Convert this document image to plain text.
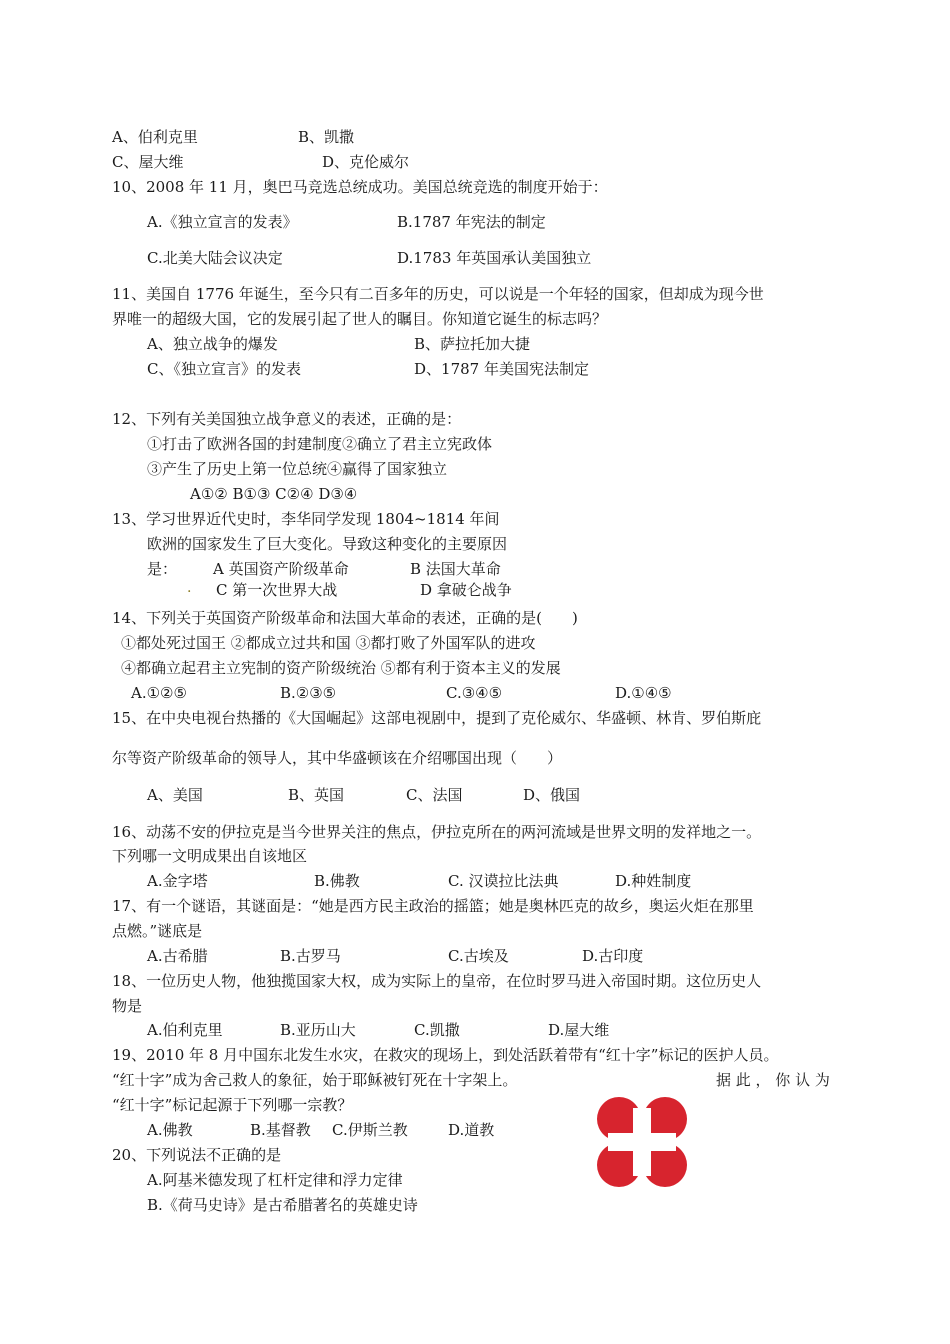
A、伯利克里	B、凯撒
C、屋大维	D、克伦威尔
10、2008 年 11 月，奥巴马竞选总统成功。美国总统竞选的制度开始于：
A.《独立宣言的发表》	B.1787 年宪法的制定
C.北美大陆会议决定	D.1783 年英国承认美国独立
11、美国自 1776 年诞生，至今只有二百多年的历史，可以说是一个年轻的国家，但却成为现今世
界唯一的超级大国，它的发展引起了世人的瞩目。你知道它诞生的标志吗？
A、独立战争的爆发	B、萨拉托加大捷
C、《独立宣言》的发表	D、1787 年美国宪法制定
12、下列有关美国独立战争意义的表述，正确的是：
①打击了欧洲各国的封建制度②确立了君主立宪政体
③产生了历史上第一位总统④赢得了国家独立
A①② B①③ C②④ D③④
13、学习世界近代史时，李华同学发现 1804~1814 年间
欧洲的国家发生了巨大变化。导致这种变化的主要原因
是： A 英国资产阶级革命	B 法国大革命
. C 第一次世界大战	D 拿破仑战争
14、下列关于英国资产阶级革命和法国大革命的表述，正确的是(　　)
①都处死过国王 ②都成立过共和国 ③都打败了外国军队的进攻
④都确立起君主立宪制的资产阶级统治 ⑤都有利于资本主义的发展
A.①②⑤	B.②③⑤	C.③④⑤	D.①④⑤
15、在中央电视台热播的《大国崛起》这部电视剧中，提到了克伦威尔、华盛顿、林肯、罗伯斯庇
尔等资产阶级革命的领导人，其中华盛顿该在介绍哪国出现（　　）
A、美国	B、英国	C、法国	D、俄国
16、动荡不安的伊拉克是当今世界关注的焦点，伊拉克所在的两河流域是世界文明的发祥地之一。
下列哪一文明成果出自该地区
A.金字塔	B.佛教	C. 汉谟拉比法典	D.种姓制度
17、有一个谜语，其谜面是：“她是西方民主政治的摇篮；她是奥林匹克的故乡，奥运火炬在那里
点燃。”谜底是
A.古希腊	B.古罗马	C.古埃及	D.古印度
18、一位历史人物，他独揽国家大权，成为实际上的皇帝，在位时罗马进入帝国时期。这位历史人
物是
A.伯利克里	B.亚历山大	C.凯撒	D.屋大维
19、2010 年 8 月中国东北发生水灾，在救灾的现场上，到处活跃着带有“红十字”标记的医护人员。
“红十字”成为舍己救人的象征，始于耶稣被钉死在十字架上。	据 此 ， 你 认 为
“红十字”标记起源于下列哪一宗教？
A.佛教	B.基督教 C.伊斯兰教	D.道教
20、下列说法不正确的是
A.阿基米德发现了杠杆定律和浮力定律
B.《荷马史诗》是古希腊著名的英雄史诗
